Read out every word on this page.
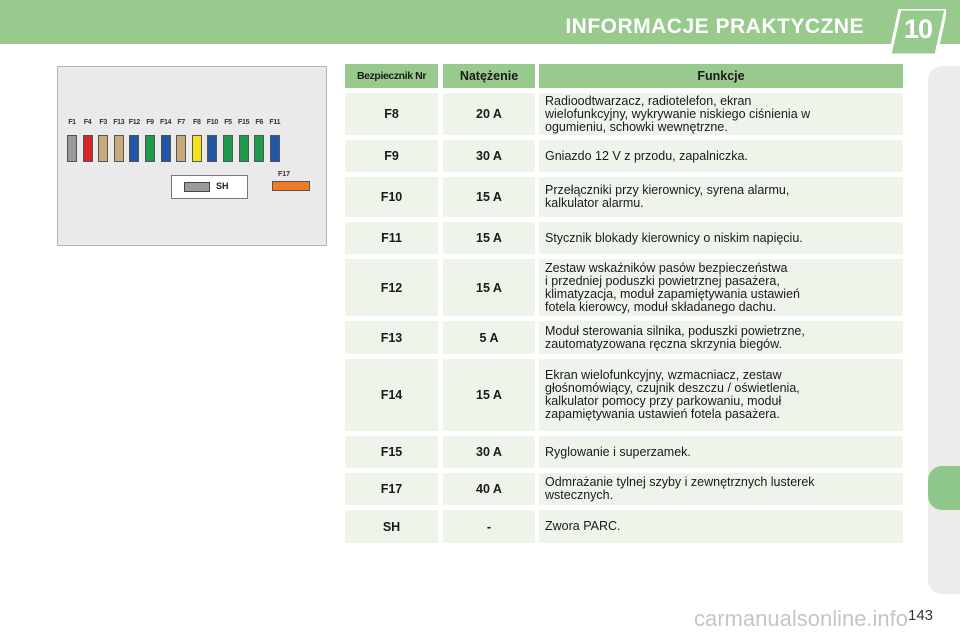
INFORMACJE PRAKTYCZNE	10
SH
F17
F1	F4	F3 F13 F12 F9 F14 F7	F8 F10 F5 F15 F6 F11
Bezpiecznik Nr	Natężenie	Funkcje
F8	20 A
Radioodtwarzacz, radiotelefon, ekran
wielofunkcyjny, wykrywanie niskiego ciśnienia w
ogumieniu, schowki wewnętrzne.
F9	30 A	Gniazdo 12 V z przodu, zapalniczka.
F10	15 A	Przełączniki przy kierownicy, syrena alarmu,
kalkulator alarmu.
F11	15 A	Stycznik blokady kierownicy o niskim napięciu.
F12	15 A
Zestaw wskaźników pasów bezpieczeństwa
i przedniej poduszki powietrznej pasażera,
klimatyzacja, moduł zapamiętywania ustawień
fotela kierowcy, moduł składanego dachu.
F13	5 A	Moduł sterowania silnika, poduszki powietrzne,
zautomatyzowana ręczna skrzynia biegów.
F14	15 A
Ekran wielofunkcyjny, wzmacniacz, zestaw
głośnomówiący, czujnik deszczu / oświetlenia,
kalkulator pomocy przy parkowaniu, moduł
zapamiętywania ustawień fotela pasażera.
F15	30 A	Ryglowanie i superzamek.
F17	40 A	Odmrażanie tylnej szyby i zewnętrznych lusterek
wstecznych.
SH	-	Zwora PARC.
143
carmanualsonline.info
